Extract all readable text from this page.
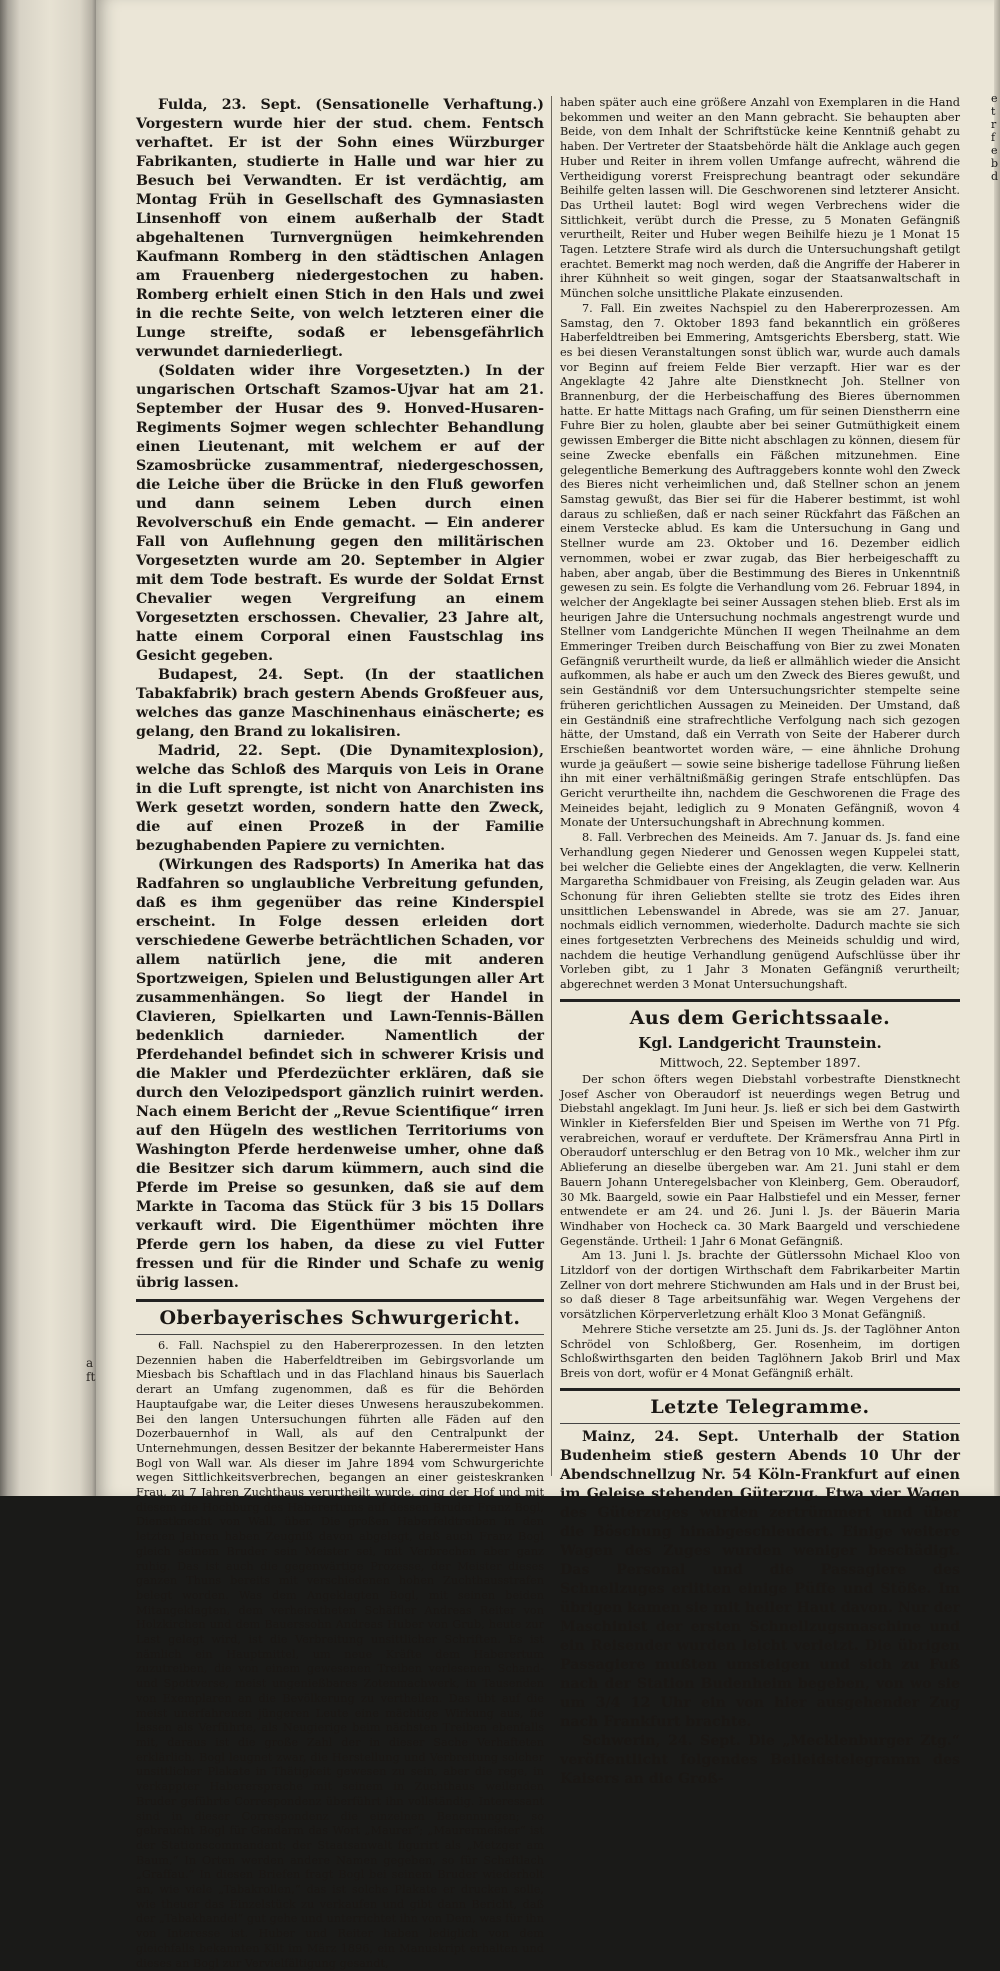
a
ft
e
t
r
f
e
b
d

Fulda, 23. Sept. (Sensationelle Verhaftung.) Vorgestern wurde hier der stud. chem. Fentsch verhaftet. Er ist der Sohn eines Würzburger Fabrikanten, studierte in Halle und war hier zu Besuch bei Verwandten. Er ist verdächtig, am Montag Früh in Gesellschaft des Gymnasiasten Linsenhoff von einem außerhalb der Stadt abgehaltenen Turnvergnügen heimkehrenden Kaufmann Romberg in den städtischen Anlagen am Frauenberg niedergestochen zu haben. Romberg erhielt einen Stich in den Hals und zwei in die rechte Seite, von welch letzteren einer die Lunge streifte, sodaß er lebensgefährlich verwundet darniederliegt.

(Soldaten wider ihre Vorgesetzten.) In der ungarischen Ortschaft Szamos-Ujvar hat am 21. September der Husar des 9. Honved-Husaren-Regiments Sojmer wegen schlechter Behandlung einen Lieutenant, mit welchem er auf der Szamosbrücke zusammentraf, niedergeschossen, die Leiche über die Brücke in den Fluß geworfen und dann seinem Leben durch einen Revolverschuß ein Ende gemacht. — Ein anderer Fall von Auflehnung gegen den militärischen Vorgesetzten wurde am 20. September in Algier mit dem Tode bestraft. Es wurde der Soldat Ernst Chevalier wegen Vergreifung an einem Vorgesetzten erschossen. Chevalier, 23 Jahre alt, hatte einem Corporal einen Faustschlag ins Gesicht gegeben.

Budapest, 24. Sept. (In der staatlichen Tabakfabrik) brach gestern Abends Großfeuer aus, welches das ganze Maschinenhaus einäscherte; es gelang, den Brand zu lokalisiren.

Madrid, 22. Sept. (Die Dynamitexplosion), welche das Schloß des Marquis von Leis in Orane in die Luft sprengte, ist nicht von Anarchisten ins Werk gesetzt worden, sondern hatte den Zweck, die auf einen Prozeß in der Familie bezughabenden Papiere zu vernichten.

(Wirkungen des Radsports) In Amerika hat das Radfahren so unglaubliche Verbreitung gefunden, daß es ihm gegenüber das reine Kinderspiel erscheint. In Folge dessen erleiden dort verschiedene Gewerbe beträchtlichen Schaden, vor allem natürlich jene, die mit anderen Sportzweigen, Spielen und Belustigungen aller Art zusammenhängen. So liegt der Handel in Clavieren, Spielkarten und Lawn-Tennis-Bällen bedenklich darnieder. Namentlich der Pferdehandel befindet sich in schwerer Krisis und die Makler und Pferdezüchter erklären, daß sie durch den Velozipedsport gänzlich ruinirt werden. Nach einem Bericht der „Revue Scientifique“ irren auf den Hügeln des westlichen Territoriums von Washington Pferde herdenweise umher, ohne daß die Besitzer sich darum kümmern, auch sind die Pferde im Preise so gesunken, daß sie auf dem Markte in Tacoma das Stück für 3 bis 15 Dollars verkauft wird. Die Eigenthümer möchten ihre Pferde gern los haben, da diese zu viel Futter fressen und für die Rinder und Schafe zu wenig übrig lassen.

Oberbayerisches Schwurgericht.

6. Fall. Nachspiel zu den Habererprozessen. In den letzten Dezennien haben die Haberfeldtreiben im Gebirgsvorlande um Miesbach bis Schaftlach und in das Flachland hinaus bis Sauerlach derart an Umfang zugenommen, daß es für die Behörden Hauptaufgabe war, die Leiter dieses Unwesens herauszubekommen. Bei den langen Untersuchungen führten alle Fäden auf den Dozerbauernhof in Wall, als auf den Centralpunkt der Unternehmungen, dessen Besitzer der bekannte Haberermeister Hans Bogl von Wall war. Als dieser im Jahre 1894 vom Schwurgerichte wegen Sittlichkeitsverbrechen, begangen an einer geisteskranken Frau, zu 7 Jahren Zuchthaus verurtheilt wurde, ging der Hof und mit diesem die Hochburg des Haberertums auf dessen Bruder Franz Bogl, Dienstknecht von Wall, über. Die großen Haberfeldtreiben in den letzten Jahren haben Zeugniß davon abgelegt, daß auch Franz Bogl gleich seinem Bruder sein Meister sei, mit Verbrechen aber ganz ruhig. Das ist auch die gegenwärtige Prozesse, der Meister dieses ganzen Thuns bereits mit verschiedenen hohen Zuchthausstrafen belegt worden. Was dem Angeklagten Bogl, mit seinen beiden Mitangeklagten, dem verheiratheten Schäffler Andreas Reiter von Holzkirchen und dem Bauerssohn Andreas Huber von Grub, heute zur Last gelegt wird, ist die Verbreitung unsittlicher Schriften. Es ist nämlich ein Hauptmittel, um neue Kräfte dem Haberertum zuzutreiben, die von einem gewesenen Treiben verlesenen Schand- und Spottverse, meist ungenießbares Zotenmachwerk, in Tausenden von Exemplaren an die Bevölkerung zu vertheilen. Das übt auf die meist unerfahrenen jüngeren Leute eine mächtige Wirkung aus, fie lassen als Verführte, als Neugierige beim nächsten Treiben ebenfalls mit, daraus ist die große Zahl der in dieser Sache Verhafteten erklärlich. Bogl leugnet zwar, die Herstellung und Verbreitung solcher unsittlicher Plakate in Thätigkeit gewesen zu sein, aber die rege, in verkappter Haberersprache mit seinem in Zuchthaus weilenden Bruder geführte Correspondenz überführt ihn vollständig. Interessant sind in dieser Correspondenz die einzelnen Benennungen; so gebraucht Bogl für Gendarm das Wort „Maurer“; „Maurermeister“ ist der Stationscommandant; der Staatsanwalt figurirt als „Metzger am Baum,“ In Orten werden andere Namen gegeben, so für Schaftlach „Graffau.“ In diesen Briefen fragt Bogl bei seinem Bruder wiederholt an, wie viele „Tabakrollen,“ das ist solche Plakate er drucken solle, wie theuer das Einzelstück zu verkaufen und gibt dann Bericht, daß der „Tabakhandel“ gut gehe und unterrichtet ihn von Dem, was für ihn von Interesse ist. Huber und Reiter haben lediglich von dem gleichfalls bekannten Kilt im März 1896, ein Manuskript erhalten und dieses an Bogl zur Vervielfältigung gesandt,

haben später auch eine größere Anzahl von Exemplaren in die Hand bekommen und weiter an den Mann gebracht. Sie behaupten aber Beide, von dem Inhalt der Schriftstücke keine Kenntniß gehabt zu haben. Der Vertreter der Staatsbehörde hält die Anklage auch gegen Huber und Reiter in ihrem vollen Umfange aufrecht, während die Vertheidigung vorerst Freisprechung beantragt oder sekundäre Beihilfe gelten lassen will. Die Geschworenen sind letzterer Ansicht. Das Urtheil lautet: Bogl wird wegen Verbrechens wider die Sittlichkeit, verübt durch die Presse, zu 5 Monaten Gefängniß verurtheilt, Reiter und Huber wegen Beihilfe hiezu je 1 Monat 15 Tagen. Letztere Strafe wird als durch die Untersuchungshaft getilgt erachtet. Bemerkt mag noch werden, daß die Angriffe der Haberer in ihrer Kühnheit so weit gingen, sogar der Staatsanwaltschaft in München solche unsittliche Plakate einzusenden.

7. Fall. Ein zweites Nachspiel zu den Habererprozessen. Am Samstag, den 7. Oktober 1893 fand bekanntlich ein größeres Haberfeldtreiben bei Emmering, Amtsgerichts Ebersberg, statt. Wie es bei diesen Veranstaltungen sonst üblich war, wurde auch damals vor Beginn auf freiem Felde Bier verzapft. Hier war es der Angeklagte 42 Jahre alte Dienstknecht Joh. Stellner von Brannenburg, der die Herbeischaffung des Bieres übernommen hatte. Er hatte Mittags nach Grafing, um für seinen Dienstherrn eine Fuhre Bier zu holen, glaubte aber bei seiner Gutmüthigkeit einem gewissen Emberger die Bitte nicht abschlagen zu können, diesem für seine Zwecke ebenfalls ein Fäßchen mitzunehmen. Eine gelegentliche Bemerkung des Auftraggebers konnte wohl den Zweck des Bieres nicht verheimlichen und, daß Stellner schon an jenem Samstag gewußt, das Bier sei für die Haberer bestimmt, ist wohl daraus zu schließen, daß er nach seiner Rückfahrt das Fäßchen an einem Verstecke ablud. Es kam die Untersuchung in Gang und Stellner wurde am 23. Oktober und 16. Dezember eidlich vernommen, wobei er zwar zugab, das Bier herbeigeschafft zu haben, aber angab, über die Bestimmung des Bieres in Unkenntniß gewesen zu sein. Es folgte die Verhandlung vom 26. Februar 1894, in welcher der Angeklagte bei seiner Aussagen stehen blieb. Erst als im heurigen Jahre die Untersuchung nochmals angestrengt wurde und Stellner vom Landgerichte München II wegen Theilnahme an dem Emmeringer Treiben durch Beischaffung von Bier zu zwei Monaten Gefängniß verurtheilt wurde, da ließ er allmählich wieder die Ansicht aufkommen, als habe er auch um den Zweck des Bieres gewußt, und sein Geständniß vor dem Untersuchungsrichter stempelte seine früheren gerichtlichen Aussagen zu Meineiden. Der Umstand, daß ein Geständniß eine strafrechtliche Verfolgung nach sich gezogen hätte, der Umstand, daß ein Verrath von Seite der Haberer durch Erschießen beantwortet worden wäre, — eine ähnliche Drohung wurde ja geäußert — sowie seine bisherige tadellose Führung ließen ihn mit einer verhältnißmäßig geringen Strafe entschlüpfen. Das Gericht verurtheilte ihn, nachdem die Geschworenen die Frage des Meineides bejaht, lediglich zu 9 Monaten Gefängniß, wovon 4 Monate der Untersuchungshaft in Abrechnung kommen.

8. Fall. Verbrechen des Meineids. Am 7. Januar ds. Js. fand eine Verhandlung gegen Niederer und Genossen wegen Kuppelei statt, bei welcher die Geliebte eines der Angeklagten, die verw. Kellnerin Margaretha Schmidbauer von Freising, als Zeugin geladen war. Aus Schonung für ihren Geliebten stellte sie trotz des Eides ihren unsittlichen Lebenswandel in Abrede, was sie am 27. Januar, nochmals eidlich vernommen, wiederholte. Dadurch machte sie sich eines fortgesetzten Verbrechens des Meineids schuldig und wird, nachdem die heutige Verhandlung genügend Aufschlüsse über ihr Vorleben gibt, zu 1 Jahr 3 Monaten Gefängniß verurtheilt; abgerechnet werden 3 Monat Untersuchungshaft.

Aus dem Gerichtssaale.
Kgl. Landgericht Traunstein.
Mittwoch, 22. September 1897.

Der schon öfters wegen Diebstahl vorbestrafte Dienstknecht Josef Ascher von Oberaudorf ist neuerdings wegen Betrug und Diebstahl angeklagt. Im Juni heur. Js. ließ er sich bei dem Gastwirth Winkler in Kiefersfelden Bier und Speisen im Werthe von 71 Pfg. verabreichen, worauf er verduftete. Der Krämersfrau Anna Pirtl in Oberaudorf unterschlug er den Betrag von 10 Mk., welcher ihm zur Ablieferung an dieselbe übergeben war. Am 21. Juni stahl er dem Bauern Johann Unteregelsbacher von Kleinberg, Gem. Oberaudorf, 30 Mk. Baargeld, sowie ein Paar Halbstiefel und ein Messer, ferner entwendete er am 24. und 26. Juni l. Js. der Bäuerin Maria Windhaber von Hocheck ca. 30 Mark Baargeld und verschiedene Gegenstände. Urtheil: 1 Jahr 6 Monat Gefängniß.

Am 13. Juni l. Js. brachte der Gütlerssohn Michael Kloo von Litzldorf von der dortigen Wirthschaft dem Fabrikarbeiter Martin Zellner von dort mehrere Stichwunden am Hals und in der Brust bei, so daß dieser 8 Tage arbeitsunfähig war. Wegen Vergehens der vorsätzlichen Körperverletzung erhält Kloo 3 Monat Gefängniß.

Mehrere Stiche versetzte am 25. Juni ds. Js. der Taglöhner Anton Schrödel von Schloßberg, Ger. Rosenheim, im dortigen Schloßwirthsgarten den beiden Taglöhnern Jakob Brirl und Max Breis von dort, wofür er 4 Monat Gefängniß erhält.

Letzte Telegramme.

Mainz, 24. Sept. Unterhalb der Station Budenheim stieß gestern Abends 10 Uhr der Abendschnellzug Nr. 54 Köln-Frankfurt auf einen im Geleise stehenden Güterzug. Etwa vier Wagen des Güterzuges wurden zertrümmert und über die Böschung hinabgeschleudert. Einige weitere Wagen des Zuges wurden weniger beschädigt. Das Personal und die Passagiere des Schnellzuges erlitten einige Püffe und Stöße. Im übrigen kamen sie mit heiler Haut davon. Nur der Maschinist der ersten Schnellzugsmaschine und ein Reisender wurden leicht verletzt. Die übrigen Passagiere mußten umsteigen und sich zu Fuß nach der Station Budenheim begeben, von wo sie um 3/4 12 Uhr ein von hier ausgehender Zug nach Frankfurt brachte.

Schwerin, 24. Sept. Die „Mecklenburger Ztg.“ veröffentlicht folgendes Beileidstelegramm des Kaisers an die Groß-
